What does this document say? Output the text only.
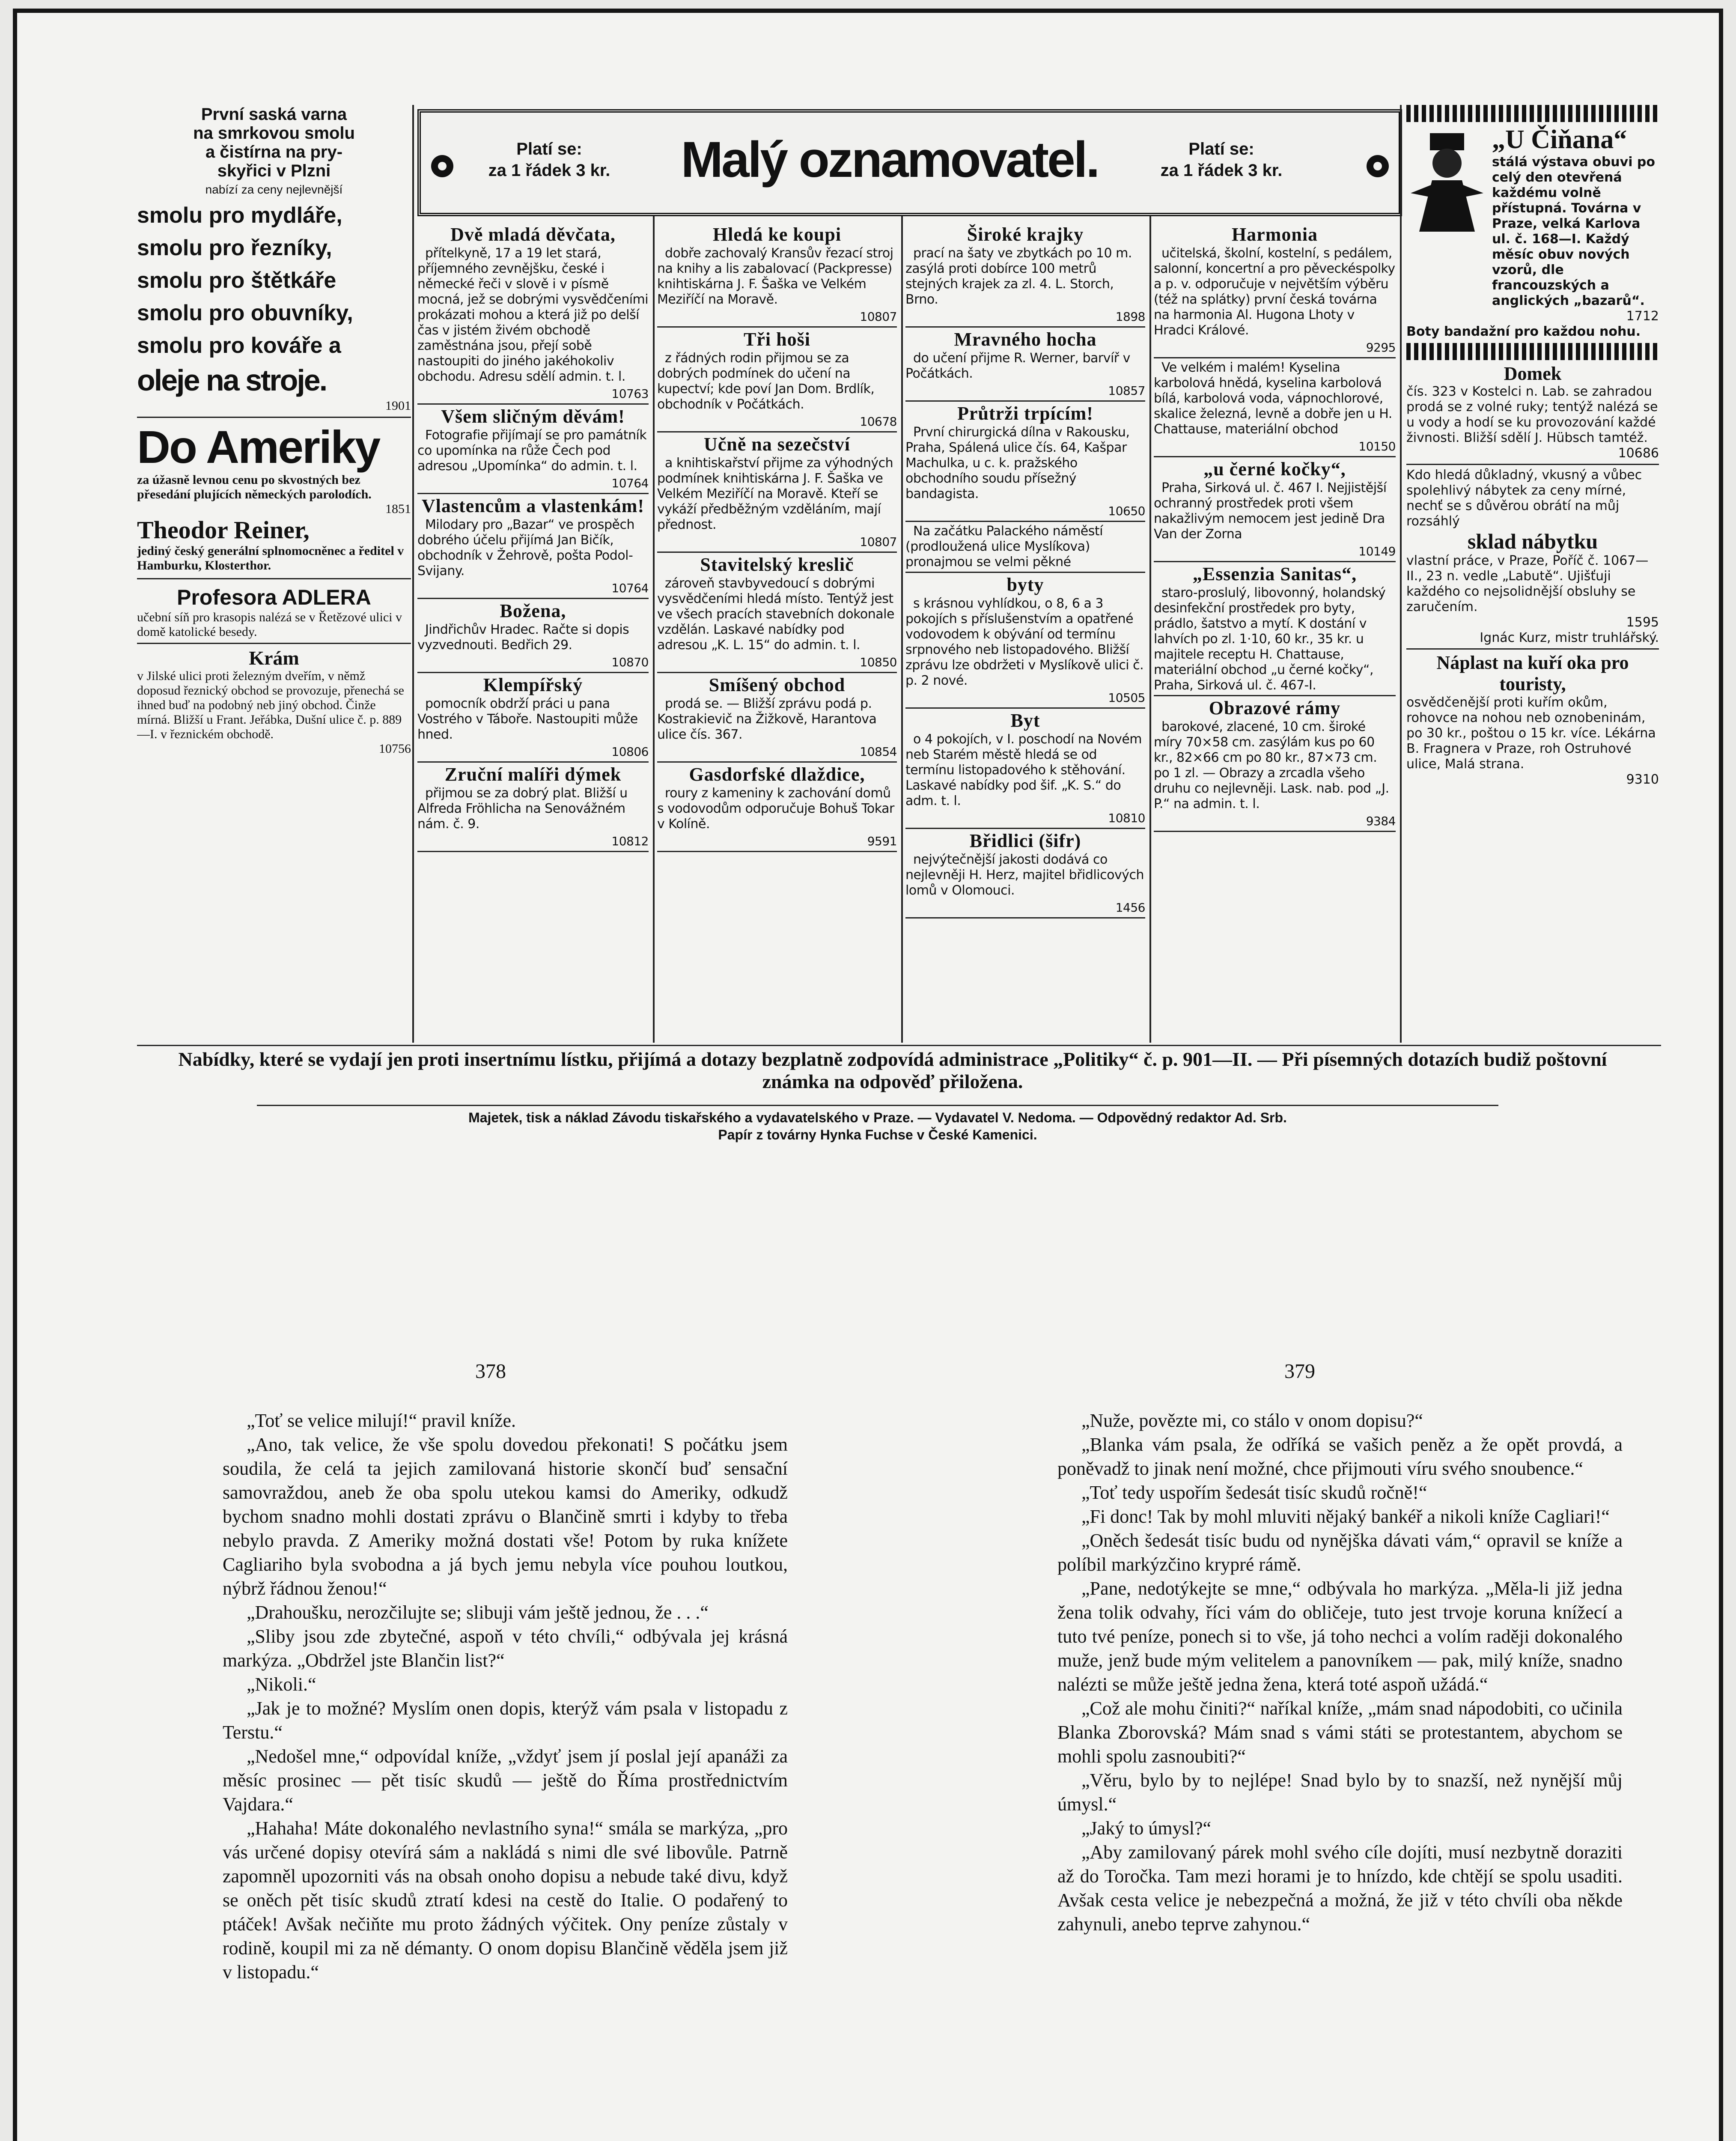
První saská varna
na smrkovou smolu
a čistírna na pry-
skyřici v Plzni
nabízí za ceny nejlevnější
smolu pro mydláře,
smolu pro řezníky,
smolu pro štětkáře
smolu pro obuvníky,
smolu pro kováře a
oleje na stroje.
1901
Do Ameriky
za úžasně levnou cenu po skvostných bez přesedání plujících německých parolodích.
1851
Theodor Reiner,
jediný český generální splnomocněnec a ředitel v Hamburku, Klosterthor.
Profesora ADLERA
učební síň pro krasopis nalézá se v Řetězové ulici v domě katolické besedy.
Krám
v Jilské ulici proti železným dveřím, v němž doposud řeznický obchod se provozuje, přenechá se ihned buď na podobný neb jiný obchod. Činže mírná. Bližší u Frant. Jeřábka, Dušní ulice č. p. 889—I. v řeznickém obchodě.
10756
Platí se:
za 1 řádek 3 kr.	Malý oznamovatel.	Platí se:
za 1 řádek 3 kr.
Dvě mladá děvčata,

přítelkyně, 17 a 19 let stará, příjemného zevnějšku, české i německé řeči v slově i v písmě mocná, jež se dobrými vysvědčeními prokázati mohou a která již po delší čas v jistém živém obchodě zaměstnána jsou, přejí sobě nastoupiti do jiného jakéhokoliv obchodu. Adresu sdělí admin. t. l.

10763
Všem sličným děvám!

Fotografie přijímají se pro památník co upomínka na růže Čech pod adresou „Upomínka“ do admin. t. l.

10764
Vlastencům a vlastenkám!

Milodary pro „Bazar“ ve prospěch dobrého účelu přijímá Jan Bičík, obchodník v Žehrově, pošta Podol-Svijany.

10764
Božena,

Jindřichův Hradec. Račte si dopis vyzvednouti. Bedřich 29.

10870
Klempířský

pomocník obdrží práci u pana Vostrého v Táboře. Nastoupiti může hned.

10806
Zruční malíři dýmek

přijmou se za dobrý plat. Bližší u Alfreda Fröhlicha na Senovážném nám. č. 9.

10812
Hledá ke koupi

dobře zachovalý Kransův řezací stroj na knihy a lis zabalovací (Packpresse) knihtiskárna J. F. Šaška ve Velkém Meziříčí na Moravě.

10807
Tři hoši

z řádných rodin přijmou se za dobrých podmínek do učení na kupectví; kde poví Jan Dom. Brdlík, obchodník v Počátkách.

10678
Učně na sezečství

a knihtiskařství přijme za výhodných podmínek knihtiskárna J. F. Šaška ve Velkém Meziříčí na Moravě. Kteří se vykáží předběžným vzděláním, mají přednost.

10807
Stavitelský kreslič

zároveň stavbyvedoucí s dobrými vysvědčeními hledá místo. Tentýž jest ve všech pracích stavebních dokonale vzdělán. Laskavé nabídky pod adresou „K. L. 15“ do admin. t. l.

10850
Smíšený obchod

prodá se. — Bližší zprávu podá p. Kostrakievič na Žižkově, Harantova ulice čís. 367.

10854
Gasdorfské dlaždice,

roury z kameniny k zachování domů s vodovodům odporučuje Bohuš Tokar v Kolíně.

9591
Široké krajky

prací na šaty ve zbytkách po 10 m. zasýlá proti dobírce 100 metrů stejných krajek za zl. 4. L. Storch, Brno.

1898
Mravného hocha

do učení přijme R. Werner, barvíř v Počátkách.

10857
Průtrži trpícím!

První chirurgická dílna v Rakousku, Praha, Spálená ulice čís. 64, Kašpar Machulka, u c. k. pražského obchodního soudu přísežný bandagista.

10650

Na začátku Palackého náměstí (prodloužená ulice Myslíkova) pronajmou se velmi pěkné

byty

s krásnou vyhlídkou, o 8, 6 a 3 pokojích s příslušenstvím a opatřené vodovodem k obývání od termínu srpnového neb listopadového. Bližší zprávu lze obdržeti v Myslíkově ulici č. p. 2 nové.

10505
Byt

o 4 pokojích, v I. poschodí na Novém neb Starém městě hledá se od termínu listopadového k stěhování. Laskavé nabídky pod šif. „K. S.“ do adm. t. l.

10810
Břidlici (šifr)

nejvýtečnější jakosti dodává co nejlevněji H. Herz, majitel břidlicových lomů v Olomouci.

1456
Harmonia

učitelská, školní, kostelní, s pedálem, salonní, koncertní a pro pěveckéspolky a p. v. odporučuje v největším výběru (též na splátky) první česká továrna na harmonia Al. Hugona Lhoty v Hradci Králové.

9295

Ve velkém i malém! Kyselina karbolová hnědá, kyselina karbolová bílá, karbolová voda, vápnochlorové, skalice železná, levně a dobře jen u H. Chattause, materiální obchod

10150
„u černé kočky“,

Praha, Sirková ul. č. 467 I. Nejjistější ochranný prostředek proti všem nakažlivým nemocem jest jedině Dra Van der Zorna

10149
„Essenzia Sanitas“,

staro-proslulý, libovonný, holandský desinfekční prostředek pro byty, prádlo, šatstvo a mytí. K dostání v lahvích po zl. 1·10, 60 kr., 35 kr. u majitele receptu H. Chattause, materiální obchod „u černé kočky“, Praha, Sirková ul. č. 467-I.

Obrazové rámy

barokové, zlacené, 10 cm. široké míry 70×58 cm. zasýlám kus po 60 kr., 82×66 cm po 80 kr., 87×73 cm. po 1 zl. — Obrazy a zrcadla všeho druhu co nejlevněji. Lask. nab. pod „J. P.“ na admin. t. l.

9384
„U Čiňana“
stálá výstava obuvi po celý den otevřená každému volně přístupná. Továrna v Praze, velká Karlova ul. č. 168—I. Každý měsíc obuv nových vzorů, dle francouzských a anglických „bazarů“.
1712
Boty bandažní pro každou nohu.
Domek
čís. 323 v Kostelci n. Lab. se zahradou prodá se z volné ruky; tentýž nalézá se u vody a hodí se ku provozování každé živnosti. Bližší sdělí J. Hübsch tamtéž.
10686
Kdo hledá důkladný, vkusný a vůbec spolehlivý nábytek za ceny mírné, nechť se s důvěrou obrátí na můj rozsáhlý
sklad nábytku
vlastní práce, v Praze, Poříč č. 1067—II., 23 n. vedle „Labutě“. Ujišťuji každého co nejsolidnější obsluhy se zaručením.
1595
Ignác Kurz, mistr truhlářský.
Náplast na kuří oka pro touristy,
osvědčenější proti kuřím okům, rohovce na nohou neb oznobeninám, po 30 kr., poštou o 15 kr. více. Lékárna B. Fragnera v Praze, roh Ostruhové ulice, Malá strana.
9310
Nabídky, které se vydají jen proti insertnímu lístku, přijímá a dotazy bezplatně zodpovídá administrace „Politiky“ č. p. 901—II. — Při písemných dotazích budiž poštovní známka na odpověď přiložena.
Majetek, tisk a náklad Závodu tiskařského a vydavatelského v Praze. — Vydavatel V. Nedoma. — Odpovědný redaktor Ad. Srb.
Papír z továrny Hynka Fuchse v České Kamenici.
378	379

„Toť se velice milují!“ pravil kníže.

„Ano, tak velice, že vše spolu dovedou překonati! S počátku jsem soudila, že celá ta jejich zamilovaná historie skončí buď sensační samovraždou, aneb že oba spolu utekou kamsi do Ameriky, odkudž bychom snadno mohli dostati zprávu o Blančině smrti i kdyby to třeba nebylo pravda. Z Ameriky možná dostati vše! Potom by ruka knížete Cagliariho byla svobodna a já bych jemu nebyla více pouhou loutkou, nýbrž řádnou ženou!“

„Drahoušku, nerozčilujte se; slibuji vám ještě jednou, že . . .“

„Sliby jsou zde zbytečné, aspoň v této chvíli,“ odbývala jej krásná markýza. „Obdržel jste Blančin list?“

„Nikoli.“

„Jak je to možné? Myslím onen dopis, kterýž vám psala v listopadu z Terstu.“

„Nedošel mne,“ odpovídal kníže, „vždyť jsem jí poslal její apanáži za měsíc prosinec — pět tisíc skudů — ještě do Říma prostřednictvím Vajdara.“

„Hahaha! Máte dokonalého nevlastního syna!“ smála se markýza, „pro vás určené dopisy otevírá sám a nakládá s nimi dle své libovůle. Patrně zapomněl upozorniti vás na obsah onoho dopisu a nebude také divu, když se oněch pět tisíc skudů ztratí kdesi na cestě do Italie. O podařený to ptáček! Avšak nečiňte mu proto žádných výčitek. Ony peníze zůstaly v rodině, koupil mi za ně démanty. O onom dopisu Blančině věděla jsem již v listopadu.“

„Nuže, povězte mi, co stálo v onom dopisu?“

„Blanka vám psala, že odříká se vašich peněz a že opět provdá, a poněvadž to jinak není možné, chce přijmouti víru svého snoubence.“

„Toť tedy uspořím šedesát tisíc skudů ročně!“

„Fi donc! Tak by mohl mluviti nějaký bankéř a nikoli kníže Cagliari!“

„Oněch šedesát tisíc budu od nynějška dávati vám,“ opravil se kníže a políbil markýzčino krypré rámě.

„Pane, nedotýkejte se mne,“ odbývala ho markýza. „Měla-li již jedna žena tolik odvahy, říci vám do obličeje, tuto jest trvoje koruna knížecí a tuto tvé peníze, ponech si to vše, já toho nechci a volím raději dokonalého muže, jenž bude mým velitelem a panovníkem — pak, milý kníže, snadno nalézti se může ještě jedna žena, která toté aspoň užádá.“

„Což ale mohu činiti?“ naříkal kníže, „mám snad nápodobiti, co učinila Blanka Zborovská? Mám snad s vámi státi se protestantem, abychom se mohli spolu zasnoubiti?“

„Věru, bylo by to nejlépe! Snad bylo by to snazší, než nynější můj úmysl.“

„Jaký to úmysl?“

„Aby zamilovaný párek mohl svého cíle dojíti, musí nezbytně doraziti až do Toročka. Tam mezi horami je to hnízdo, kde chtějí se spolu usaditi. Avšak cesta velice je nebezpečná a možná, že již v této chvíli oba někde zahynuli, anebo teprve zahynou.“
